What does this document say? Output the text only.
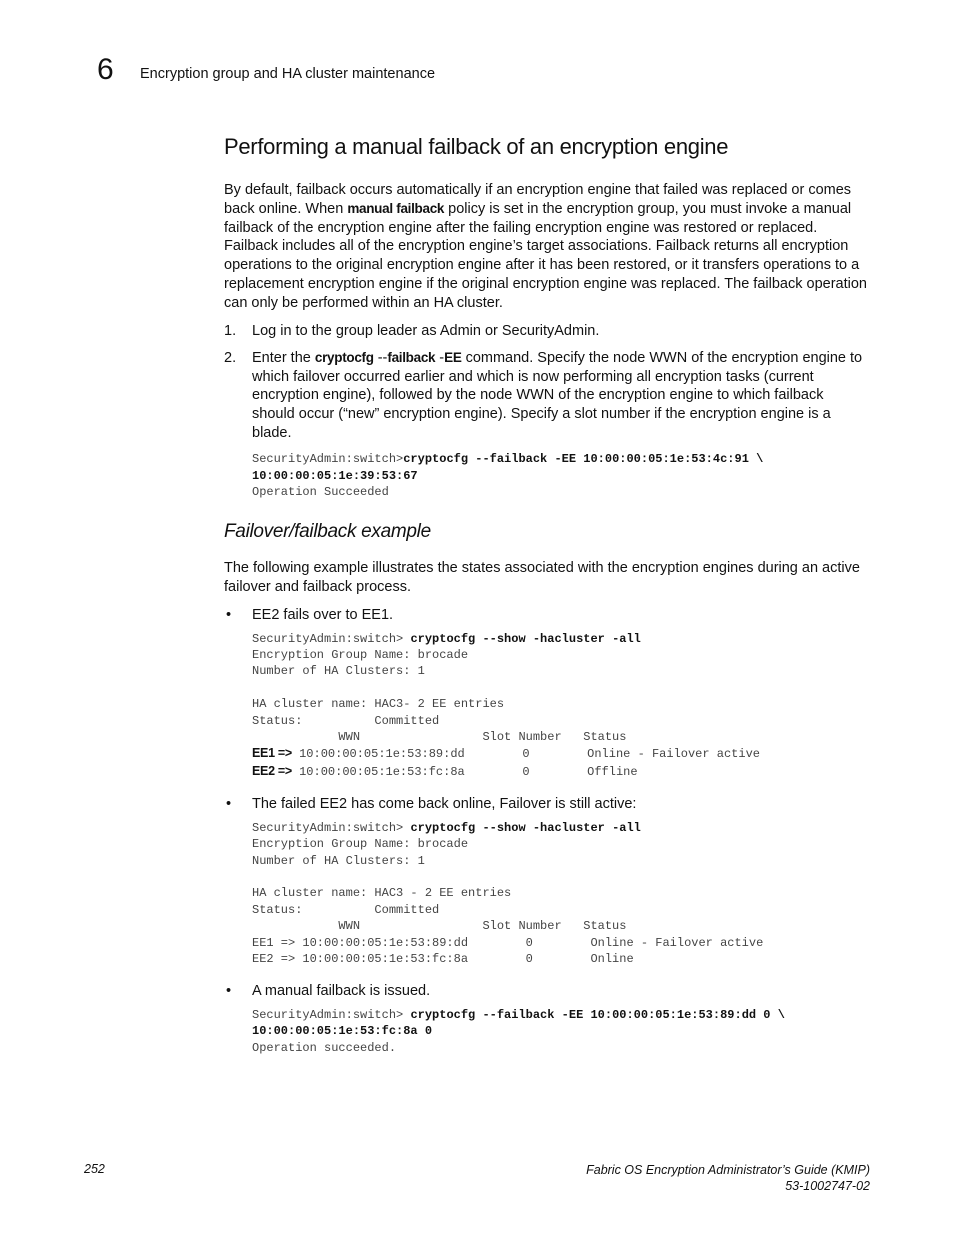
6 Encryption group and HA cluster maintenance
Performing a manual failback of an encryption engine

By default, failback occurs automatically if an encryption engine that failed was replaced or comes back online. When manual failback policy is set in the encryption group, you must invoke a manual failback of the encryption engine after the failing encryption engine was restored or replaced. Failback includes all of the encryption engine’s target associations. Failback returns all encryption operations to the original encryption engine after it has been restored, or it transfers operations to a replacement encryption engine if the original encryption engine was replaced. The failback operation can only be performed within an HA cluster.

1. Log in to the group leader as Admin or SecurityAdmin.
2. Enter the cryptocfg --failback -EE command. Specify the node WWN of the encryption engine to which failover occurred earlier and which is now performing all encryption tasks (current encryption engine), followed by the node WWN of the encryption engine to which failback should occur (“new” encryption engine). Specify a slot number if the encryption engine is a blade.
SecurityAdmin:switch>cryptocfg --failback -EE 10:00:00:05:1e:53:4c:91 \
10:00:00:05:1e:39:53:67
Operation Succeeded
Failover/failback example

The following example illustrates the states associated with the encryption engines during an active failover and failback process.

• EE2 fails over to EE1.
SecurityAdmin:switch> cryptocfg --show -hacluster -all
Encryption Group Name: brocade
Number of HA Clusters: 1

HA cluster name: HAC3- 2 EE entries
Status:          Committed
WWN                 Slot Number   Status
EE1 => 10:00:00:05:1e:53:89:dd        0        Online - Failover active
EE2 => 10:00:00:05:1e:53:fc:8a        0        Offline
• The failed EE2 has come back online, Failover is still active:
SecurityAdmin:switch> cryptocfg --show -hacluster -all
Encryption Group Name: brocade
Number of HA Clusters: 1

HA cluster name: HAC3 - 2 EE entries
Status:          Committed
WWN                 Slot Number   Status
EE1 => 10:00:00:05:1e:53:89:dd        0        Online - Failover active
EE2 => 10:00:00:05:1e:53:fc:8a        0        Online
• A manual failback is issued.
SecurityAdmin:switch> cryptocfg --failback -EE 10:00:00:05:1e:53:89:dd 0 \
10:00:00:05:1e:53:fc:8a 0
Operation succeeded.
252	Fabric OS Encryption Administrator’s Guide (KMIP)
53-1002747-02
